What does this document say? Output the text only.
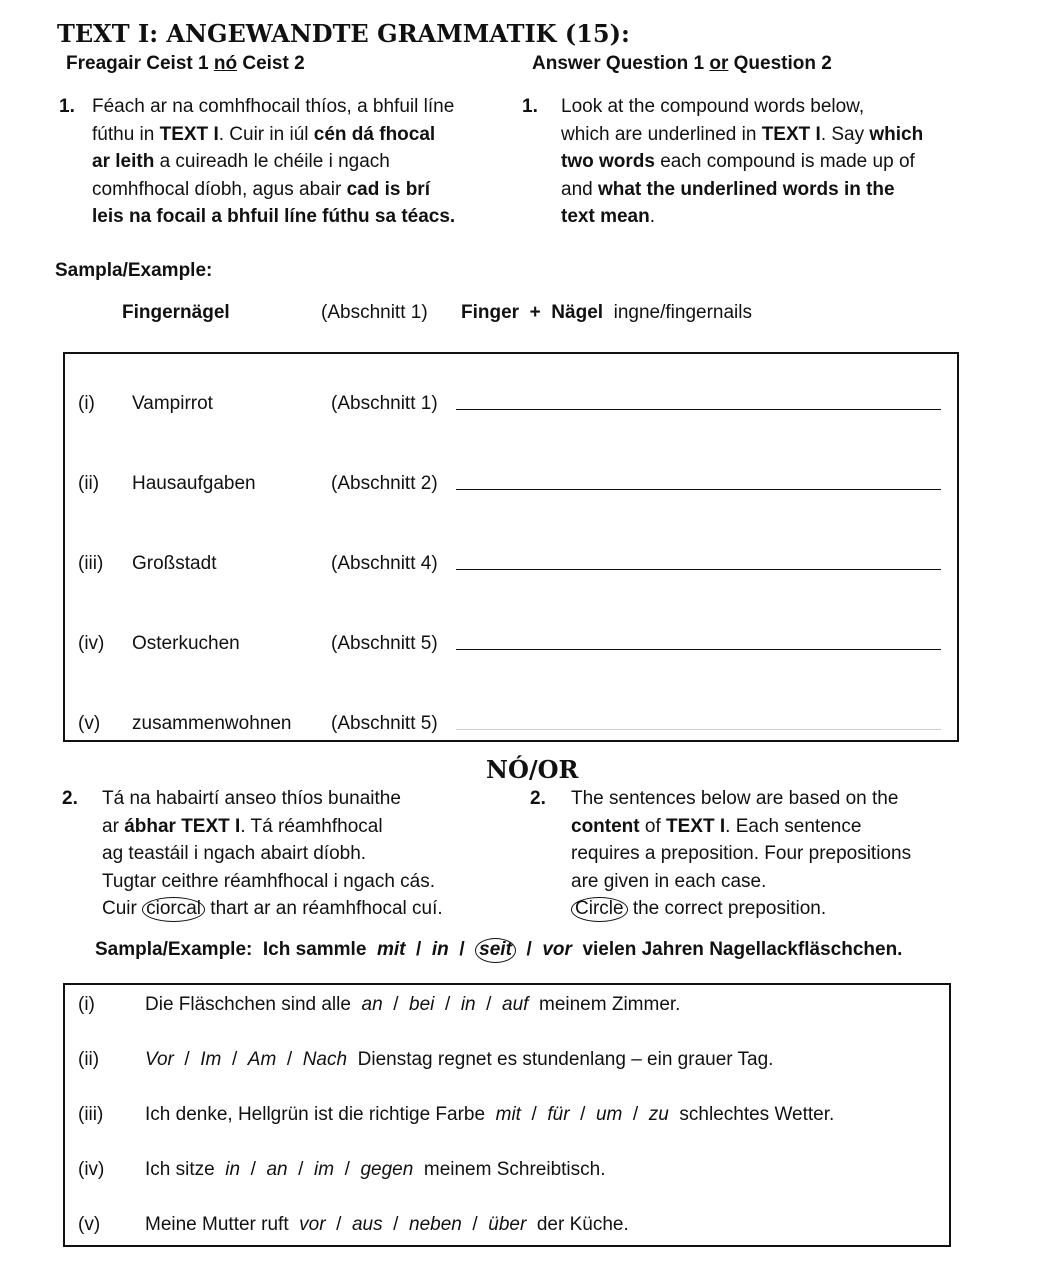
TEXT I: ANGEWANDTE GRAMMATIK (15):
Freagair Ceist 1 nó Ceist 2	Answer Question 1 or Question 2
1. Féach ar na comhfhocail thíos, a bhfuil líne
fúthu in TEXT I. Cuir in iúl cén dá fhocal
ar leith a cuireadh le chéile i ngach
comhfhocal díobh, agus abair cad is brí
leis na focail a bhfuil líne fúthu sa téacs.
1. Look at the compound words below,
which are underlined in TEXT I. Say which
two words each compound is made up of
and what the underlined words in the
text mean.
Sampla/Example:
Fingernägel	(Abschnitt 1) Finger + Nägel ingne/fingernails
(i) Vampirrot	(Abschnitt 1)
(ii) Hausaufgaben	(Abschnitt 2)
(iii) Großstadt	(Abschnitt 4)
(iv) Osterkuchen	(Abschnitt 5)
(v) zusammenwohnen (Abschnitt 5)
NÓ/OR
2. Tá na habairtí anseo thíos bunaithe
ar ábhar TEXT I. Tá réamhfhocal
ag teastáil i ngach abairt díobh.
Tugtar ceithre réamhfhocal i ngach cás.
Cuir ciorcal thart ar an réamhfhocal cuí.
2. The sentences below are based on the
content of TEXT I. Each sentence
requires a preposition. Four prepositions
are given in each case.
Circle the correct preposition.
Sampla/Example:  Ich sammle  mit  /  in  /  seit  /  vor  vielen Jahren Nagellackfläschchen.
(i)	Die Fläschchen sind alle  an  /  bei  /  in  /  auf  meinem Zimmer.
(ii) Vor  /  Im  /  Am  /  Nach  Dienstag regnet es stundenlang – ein grauer Tag.
(iii) Ich denke, Hellgrün ist die richtige Farbe  mit  /  für  /  um  /  zu  schlechtes Wetter.
(iv) Ich sitze  in  /  an  /  im  /  gegen  meinem Schreibtisch.
(v) Meine Mutter ruft  vor  /  aus  /  neben  /  über  der Küche.
